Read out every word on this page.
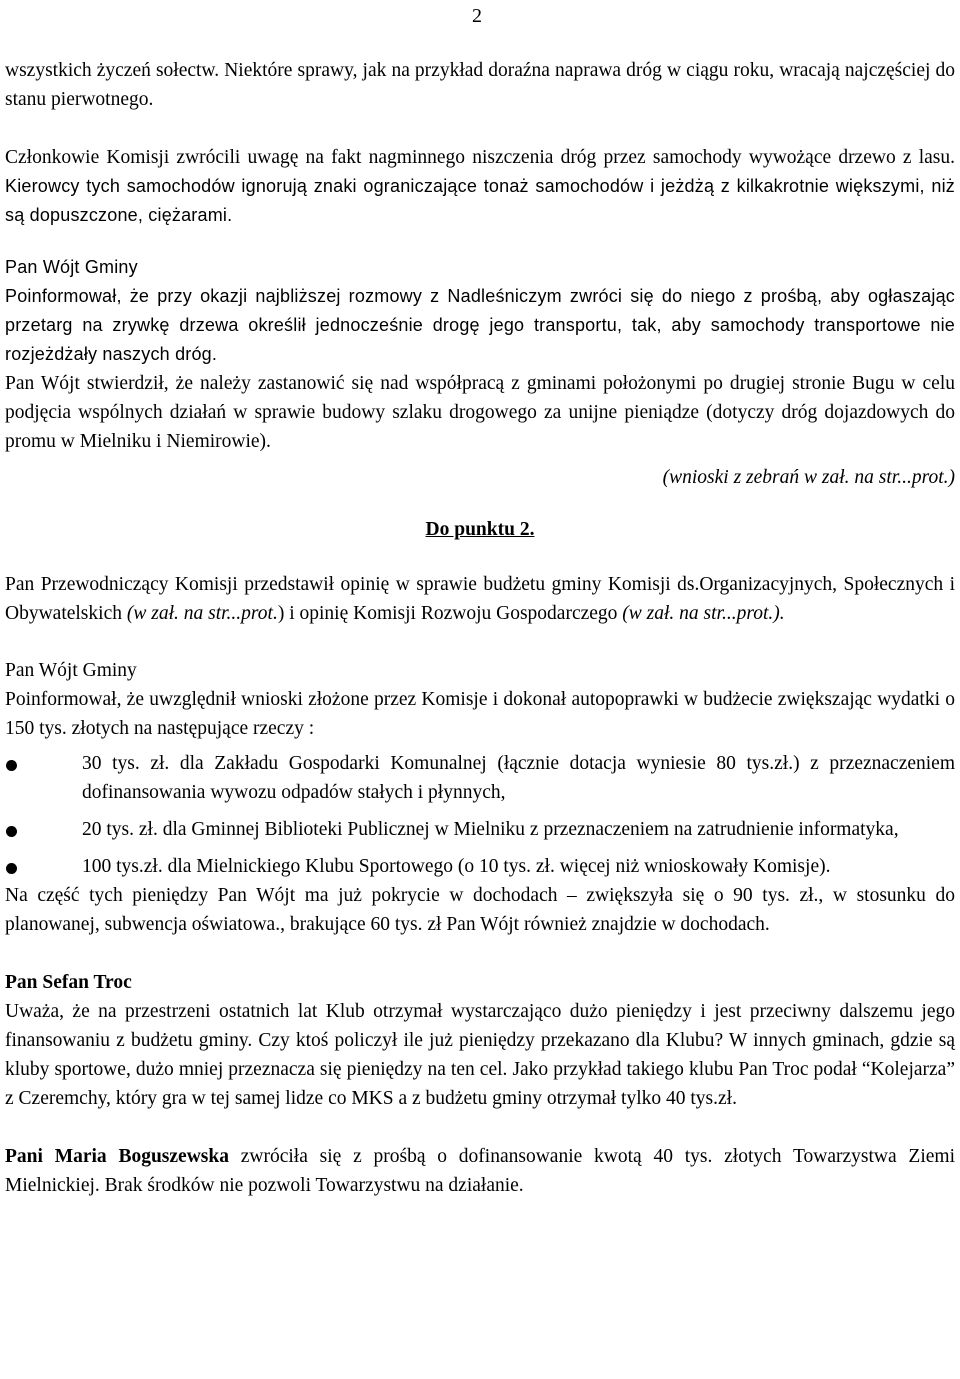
2

wszystkich życzeń sołectw. Niektóre sprawy, jak na przykład doraźna naprawa dróg w ciągu roku, wracają najczęściej do stanu pierwotnego.

Członkowie Komisji zwrócili uwagę na fakt nagminnego niszczenia dróg przez samochody wywożące drzewo z lasu. Kierowcy tych samochodów ignorują znaki ograniczające tonaż samochodów i jeżdżą z kilkakrotnie większymi, niż są dopuszczone, ciężarami.

Pan Wójt Gminy

Poinformował, że przy okazji najbliższej rozmowy z Nadleśniczym zwróci się do niego z prośbą, aby ogłaszając przetarg na zrywkę drzewa określił jednocześnie drogę jego transportu, tak, aby samochody transportowe nie rozjeżdżały naszych dróg.

Pan Wójt stwierdził, że należy zastanowić się nad współpracą z gminami położonymi po drugiej stronie Bugu w celu podjęcia wspólnych działań w sprawie budowy szlaku drogowego za unijne pieniądze (dotyczy dróg dojazdowych do promu w Mielniku i Niemirowie).

(wnioski z zebrań w zał. na str...prot.)

Do punktu 2.

Pan Przewodniczący Komisji przedstawił opinię w sprawie budżetu gminy Komisji ds.Organizacyjnych, Społecznych i Obywatelskich (w zał. na str...prot.) i opinię Komisji Rozwoju Gospodarczego (w zał. na str...prot.).

Pan Wójt Gminy

Poinformował, że uwzględnił wnioski złożone przez Komisje i dokonał autopoprawki w budżecie zwiększając wydatki o 150 tys. złotych na następujące rzeczy :

30 tys. zł. dla Zakładu Gospodarki Komunalnej (łącznie dotacja wyniesie 80 tys.zł.) z przeznaczeniem dofinansowania wywozu odpadów stałych i płynnych,
20 tys. zł. dla Gminnej Biblioteki Publicznej w Mielniku z przeznaczeniem na zatrudnienie informatyka,
100 tys.zł. dla Mielnickiego Klubu Sportowego (o 10 tys. zł. więcej niż wnioskowały Komisje).

Na część tych pieniędzy Pan Wójt ma już pokrycie w dochodach – zwiększyła się o 90 tys. zł., w stosunku do planowanej, subwencja oświatowa., brakujące 60 tys. zł Pan Wójt również znajdzie w dochodach.

Pan Sefan Troc

Uważa, że na przestrzeni ostatnich lat Klub otrzymał wystarczająco dużo pieniędzy i jest przeciwny dalszemu jego finansowaniu z budżetu gminy. Czy ktoś policzył ile już pieniędzy przekazano dla Klubu? W innych gminach, gdzie są kluby sportowe, dużo mniej przeznacza się pieniędzy na ten cel. Jako przykład takiego klubu Pan Troc podał “Kolejarza” z Czeremchy, który gra w tej samej lidze co MKS a z budżetu gminy otrzymał tylko 40 tys.zł.

Pani Maria Boguszewska zwróciła się z prośbą o dofinansowanie kwotą 40 tys. złotych Towarzystwa Ziemi Mielnickiej. Brak środków nie pozwoli Towarzystwu na działanie.
